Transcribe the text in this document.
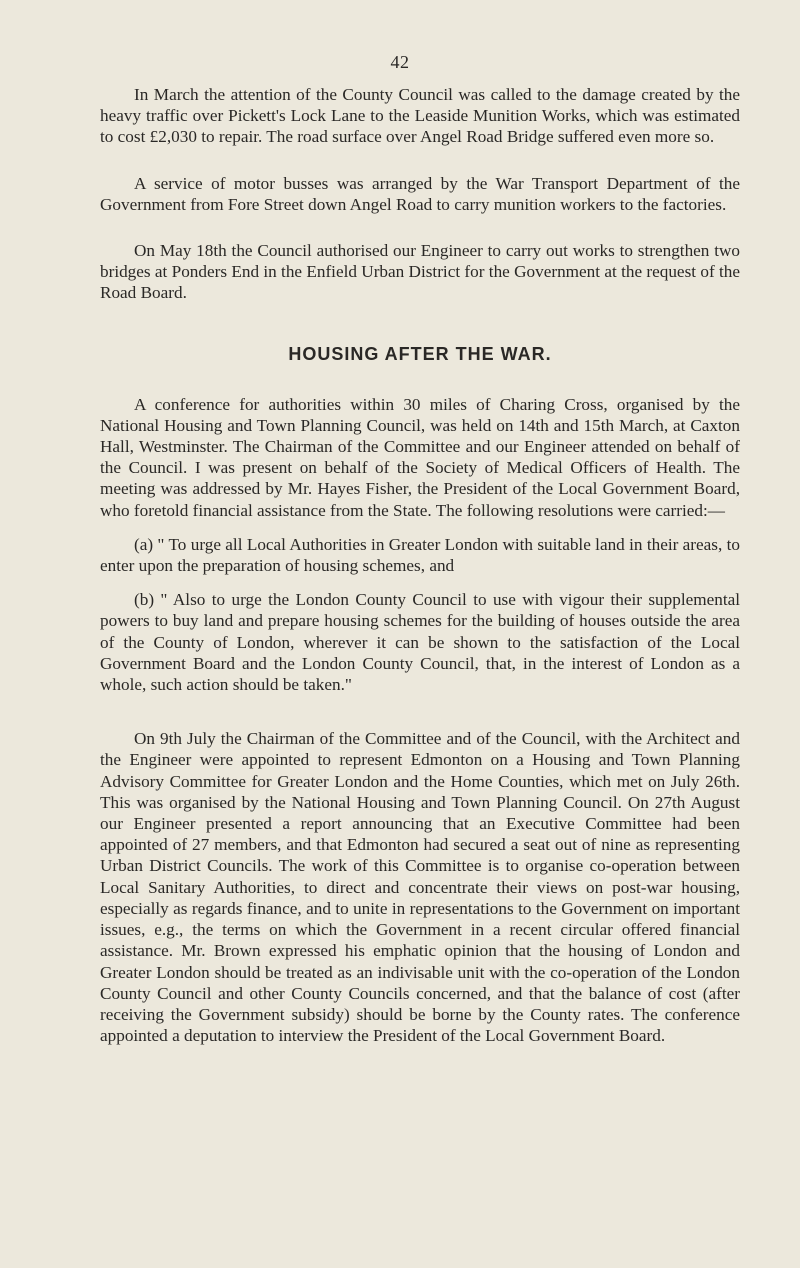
42

In March the attention of the County Council was called to the damage created by the heavy traffic over Pickett's Lock Lane to the Leaside Munition Works, which was estimated to cost £2,030 to repair. The road surface over Angel Road Bridge suffered even more so.

A service of motor busses was arranged by the War Transport Department of the Government from Fore Street down Angel Road to carry munition workers to the factories.

On May 18th the Council authorised our Engineer to carry out works to strengthen two bridges at Ponders End in the Enfield Urban District for the Government at the request of the Road Board.

HOUSING AFTER THE WAR.

A conference for authorities within 30 miles of Charing Cross, organised by the National Housing and Town Planning Council, was held on 14th and 15th March, at Caxton Hall, Westminster. The Chairman of the Committee and our Engineer attended on behalf of the Council. I was present on behalf of the Society of Medical Officers of Health. The meeting was addressed by Mr. Hayes Fisher, the President of the Local Government Board, who foretold financial assistance from the State. The following resolutions were carried:—

(a) " To urge all Local Authorities in Greater London with suitable land in their areas, to enter upon the preparation of housing schemes, and

(b) " Also to urge the London County Council to use with vigour their supplemental powers to buy land and prepare housing schemes for the building of houses outside the area of the County of London, wherever it can be shown to the satisfaction of the Local Government Board and the London County Council, that, in the interest of London as a whole, such action should be taken."

On 9th July the Chairman of the Committee and of the Council, with the Architect and the Engineer were appointed to represent Edmonton on a Housing and Town Planning Advisory Committee for Greater London and the Home Counties, which met on July 26th. This was organised by the National Housing and Town Planning Council. On 27th August our Engineer presented a report announcing that an Executive Committee had been appointed of 27 members, and that Edmonton had secured a seat out of nine as representing Urban District Councils. The work of this Committee is to organise co-operation between Local Sanitary Authorities, to direct and concentrate their views on post-war housing, especially as regards finance, and to unite in representations to the Government on important issues, e.g., the terms on which the Government in a recent circular offered financial assistance. Mr. Brown expressed his emphatic opinion that the housing of London and Greater London should be treated as an indivisable unit with the co-operation of the London County Council and other County Councils concerned, and that the balance of cost (after receiving the Government subsidy) should be borne by the County rates. The conference appointed a deputation to interview the President of the Local Government Board.
